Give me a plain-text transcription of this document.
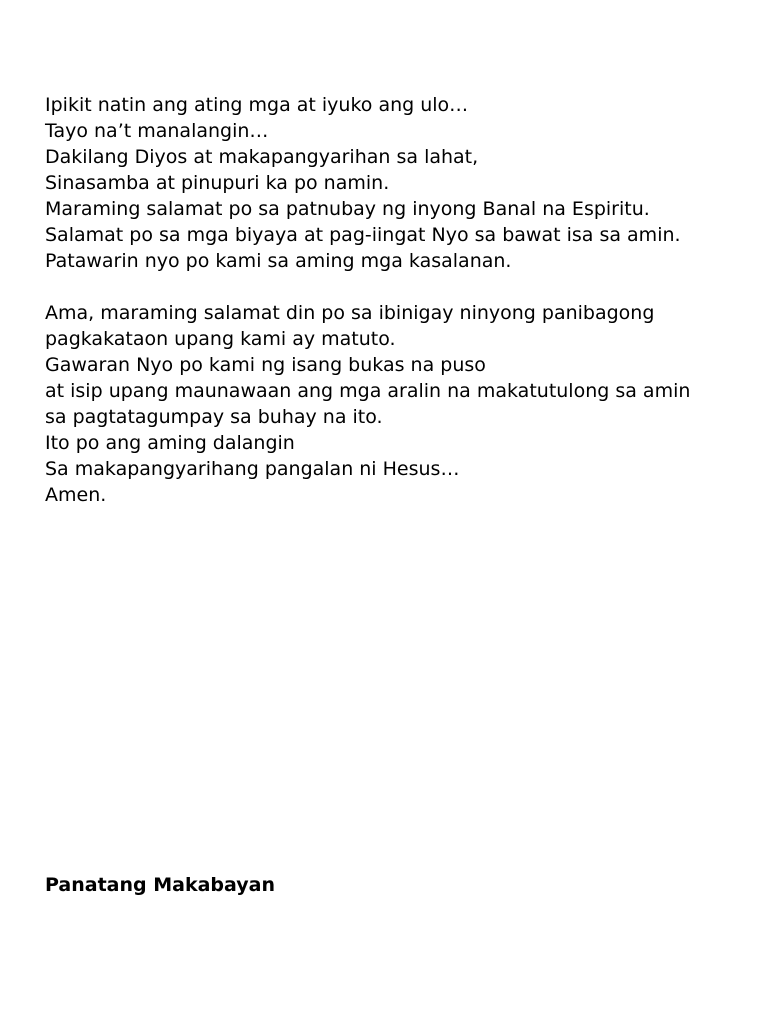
Ipikit natin ang ating mga at iyuko ang ulo…
Tayo na’t manalangin…
Dakilang Diyos at makapangyarihan sa lahat,
Sinasamba at pinupuri ka po namin.
Maraming salamat po sa patnubay ng inyong Banal na Espiritu.
Salamat po sa mga biyaya at pag-iingat Nyo sa bawat isa sa amin.
Patawarin nyo po kami sa aming mga kasalanan.

Ama, maraming salamat din po sa ibinigay ninyong panibagong
pagkakataon upang kami ay matuto.
Gawaran Nyo po kami ng isang bukas na puso
at isip upang maunawaan ang mga aralin na makatutulong sa amin
sa pagtatagumpay sa buhay na ito.
Ito po ang aming dalangin
Sa makapangyarihang pangalan ni Hesus…
Amen.

Panatang Makabayan
